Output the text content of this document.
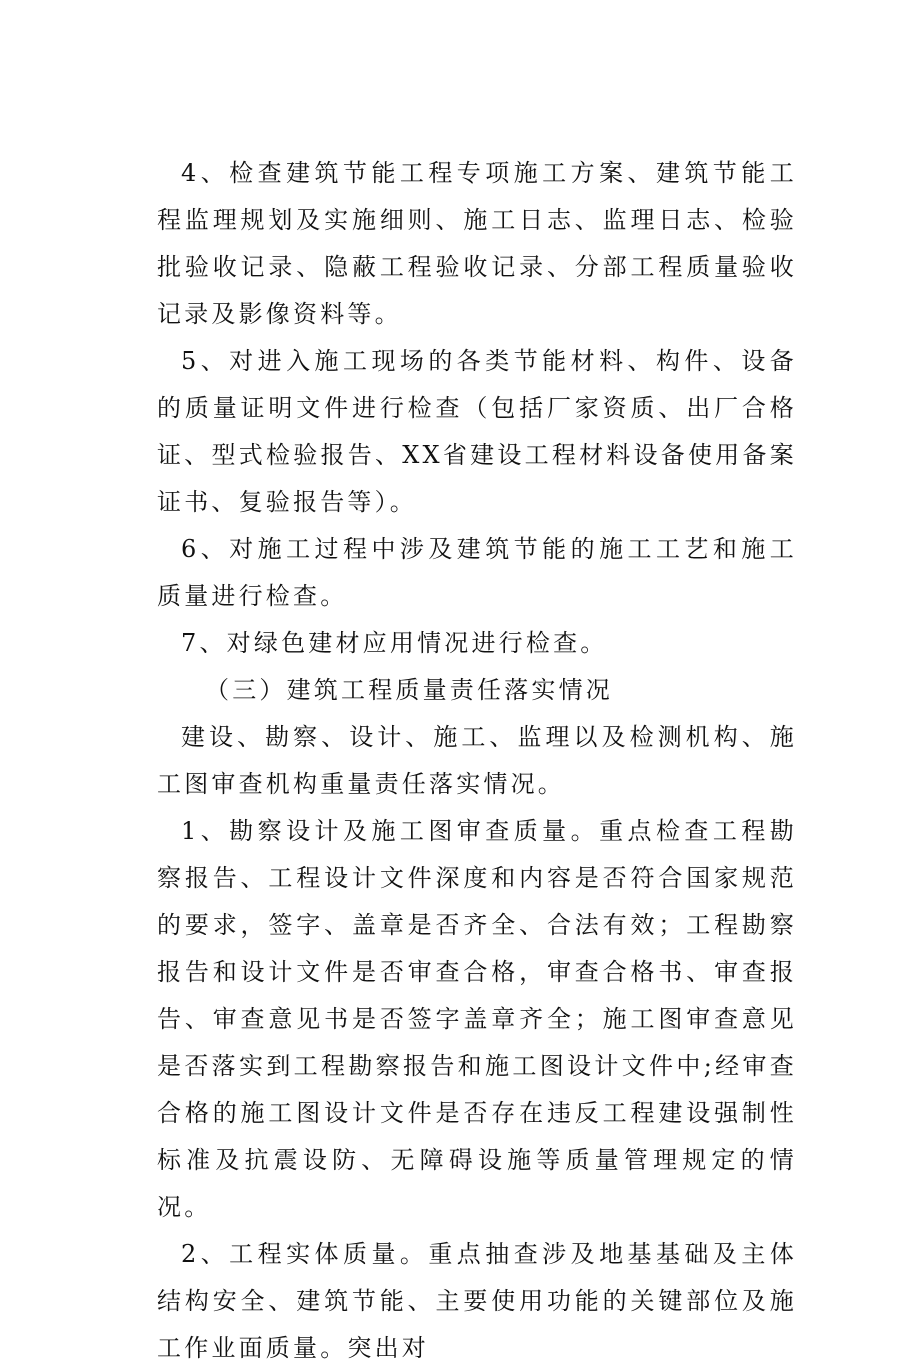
4、检查建筑节能工程专项施工方案、建筑节能工程监理规划及实施细则、施工日志、监理日志、检验批验收记录、隐蔽工程验收记录、分部工程质量验收记录及影像资料等。

5、对进入施工现场的各类节能材料、构件、设备的质量证明文件进行检查（包括厂家资质、出厂合格证、型式检验报告、XX省建设工程材料设备使用备案证书、复验报告等）。

6、对施工过程中涉及建筑节能的施工工艺和施工质量进行检查。

7、对绿色建材应用情况进行检查。

（三）建筑工程质量责任落实情况

建设、勘察、设计、施工、监理以及检测机构、施工图审查机构重量责任落实情况。

1、勘察设计及施工图审查质量。重点检查工程勘察报告、工程设计文件深度和内容是否符合国家规范的要求，签字、盖章是否齐全、合法有效；工程勘察报告和设计文件是否审查合格，审查合格书、审查报告、审查意见书是否签字盖章齐全；施工图审查意见是否落实到工程勘察报告和施工图设计文件中;经审查合格的施工图设计文件是否存在违反工程建设强制性标准及抗震设防、无障碍设施等质量管理规定的情况。

2、工程实体质量。重点抽查涉及地基基础及主体结构安全、建筑节能、主要使用功能的关键部位及施工作业面质量。突出对
